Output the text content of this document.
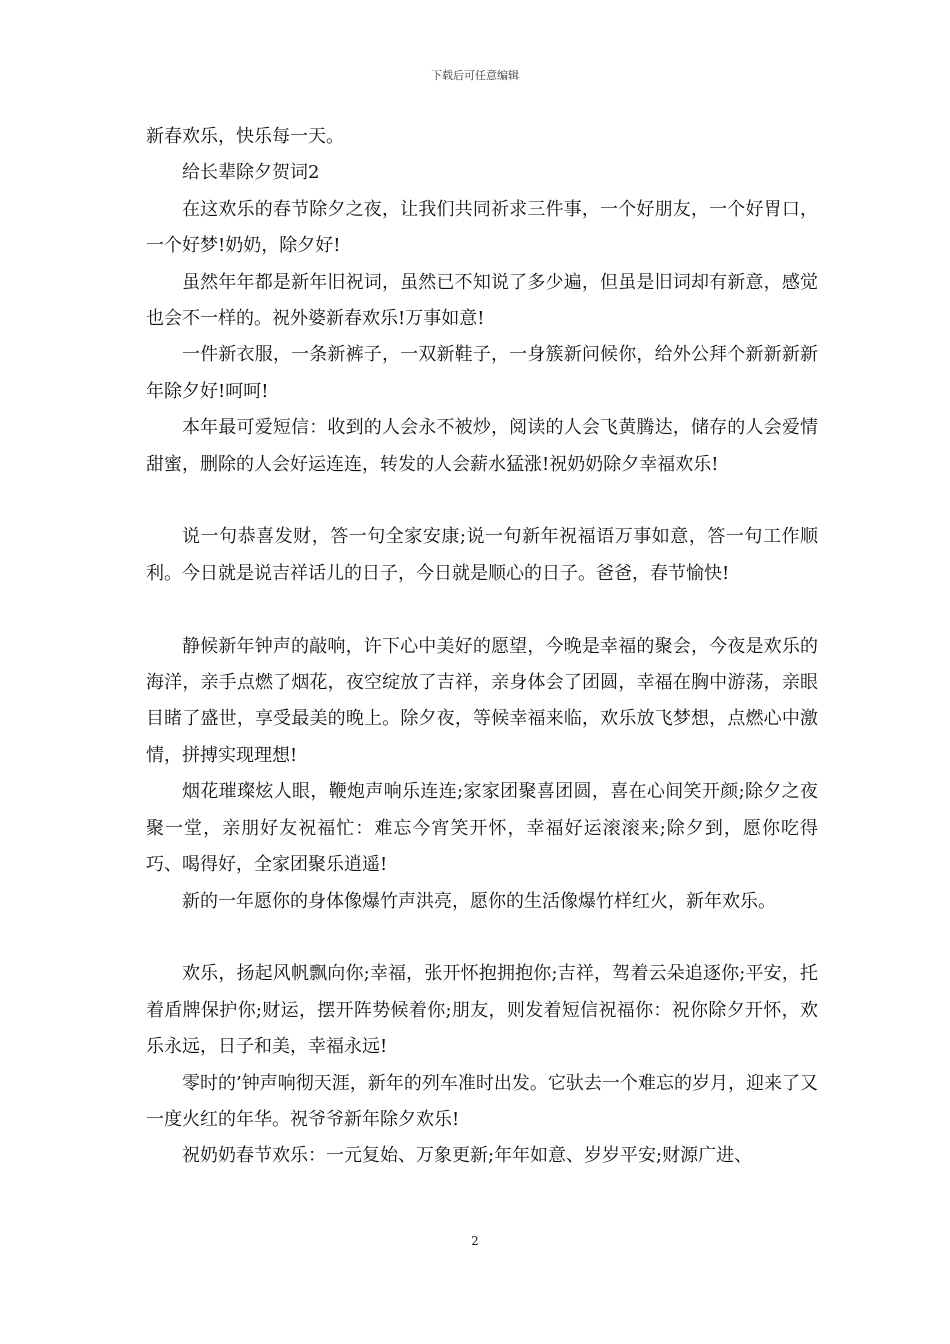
下载后可任意编辑

新春欢乐，快乐每一天。

给长辈除夕贺词2

在这欢乐的春节除夕之夜，让我们共同祈求三件事，一个好朋友，一个好胃口，一个好梦!奶奶，除夕好!

虽然年年都是新年旧祝词，虽然已不知说了多少遍，但虽是旧词却有新意，感觉也会不一样的。祝外婆新春欢乐!万事如意!

一件新衣服，一条新裤子，一双新鞋子，一身簇新问候你，给外公拜个新新新新年除夕好!呵呵!

本年最可爱短信：收到的人会永不被炒，阅读的人会飞黄腾达，储存的人会爱情甜蜜，删除的人会好运连连，转发的人会薪水猛涨!祝奶奶除夕幸福欢乐!

说一句恭喜发财，答一句全家安康;说一句新年祝福语万事如意，答一句工作顺利。今日就是说吉祥话儿的日子，今日就是顺心的日子。爸爸，春节愉快!

静候新年钟声的敲响，许下心中美好的愿望，今晚是幸福的聚会，今夜是欢乐的海洋，亲手点燃了烟花，夜空绽放了吉祥，亲身体会了团圆，幸福在胸中游荡，亲眼目睹了盛世，享受最美的晚上。除夕夜，等候幸福来临，欢乐放飞梦想，点燃心中激情，拼搏实现理想!

烟花璀璨炫人眼，鞭炮声响乐连连;家家团聚喜团圆，喜在心间笑开颜;除夕之夜聚一堂，亲朋好友祝福忙：难忘今宵笑开怀，幸福好运滚滚来;除夕到，愿你吃得巧、喝得好，全家团聚乐逍遥!

新的一年愿你的身体像爆竹声洪亮，愿你的生活像爆竹样红火，新年欢乐。

欢乐，扬起风帆飘向你;幸福，张开怀抱拥抱你;吉祥，驾着云朵追逐你;平安，托着盾牌保护你;财运，摆开阵势候着你;朋友，则发着短信祝福你：祝你除夕开怀，欢乐永远，日子和美，幸福永远!

零时的’钟声响彻天涯，新年的列车准时出发。它驮去一个难忘的岁月，迎来了又一度火红的年华。祝爷爷新年除夕欢乐!

祝奶奶春节欢乐：一元复始、万象更新;年年如意、岁岁平安;财源广进、

2
